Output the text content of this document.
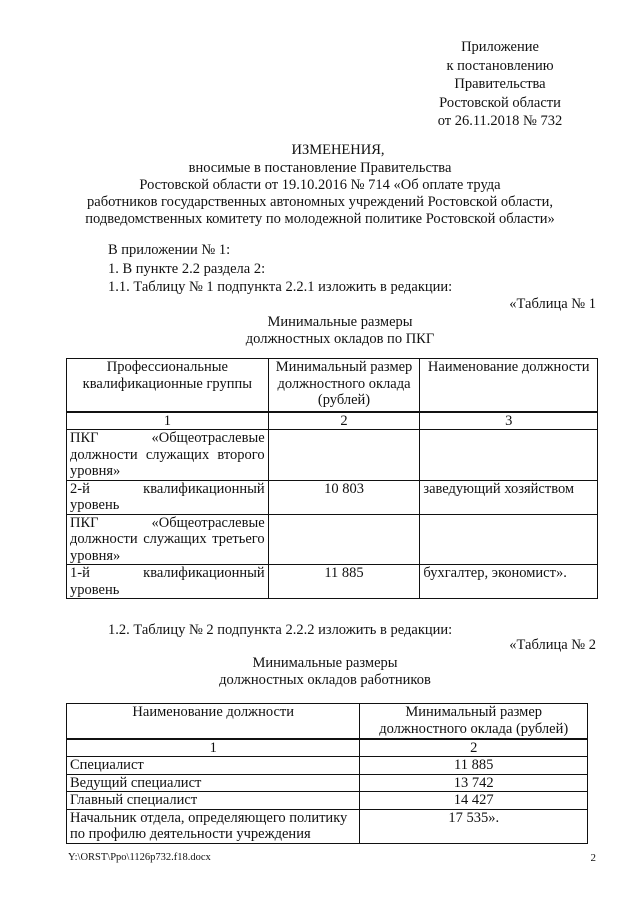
Приложение
к постановлению
Правительства
Ростовской области
от 26.11.2018 № 732
ИЗМЕНЕНИЯ,
вносимые в постановление Правительства
Ростовской области от 19.10.2016 № 714 «Об оплате труда
работников государственных автономных учреждений Ростовской области,
подведомственных комитету по молодежной политике Ростовской области»
В приложении № 1:
1. В пункте 2.2 раздела 2:
1.1. Таблицу № 1 подпункта 2.2.1 изложить в редакции:
«Таблица № 1
Минимальные размеры
должностных окладов по ПКГ
Профессиональные квалификационные группы	Минимальный размер должностного оклада (рублей)	Наименование должности
1	2	3
ПКГ «Общеотраслевые должности служащих второго уровня»		
2-й квалификационный уровень	10 803	заведующий хозяйством
ПКГ «Общеотраслевые должности служащих третьего уровня»		
1-й квалификационный уровень	11 885	бухгалтер, экономист».
1.2. Таблицу № 2 подпункта 2.2.2 изложить в редакции:
«Таблица № 2
Минимальные размеры
должностных окладов работников
Наименование должности	Минимальный размер должностного оклада (рублей)
1	2
Специалист	11 885
Ведущий специалист	13 742
Главный специалист	14 427
Начальник отдела, определяющего политику по профилю деятельности учреждения	17 535».
Y:\ORST\Ppo\1126p732.f18.docx	2
